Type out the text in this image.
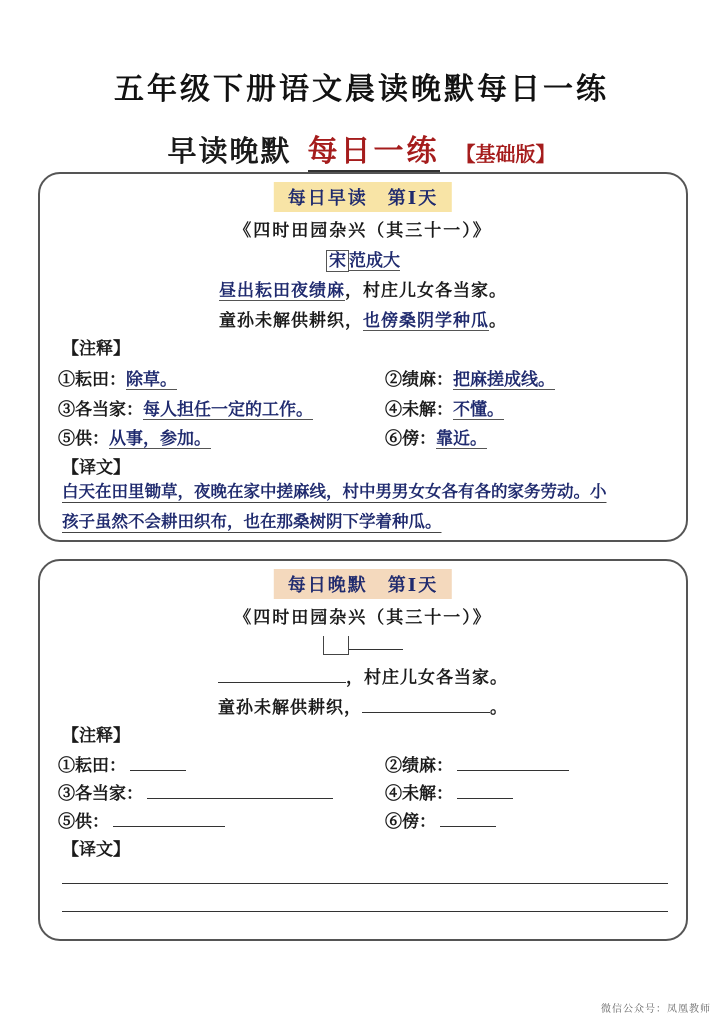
五年级下册语文晨读晚默每日一练
早读晚默 每日一练 【基础版】
每日早读　第Ⅰ天
《四时田园杂兴（其三十一）》
宋 范成大
昼出耘田夜绩麻，村庄儿女各当家。
童孙未解供耕织，也傍桑阴学种瓜。
【注释】
①耘田：除草。	②绩麻：把麻搓成线。
③各当家：每人担任一定的工作。	④未解：不懂。
⑤供：从事，参加。	⑥傍：靠近。
【译文】
白天在田里锄草，夜晚在家中搓麻线，村中男男女女各有各的家务劳动。小
孩子虽然不会耕田织布，也在那桑树阴下学着种瓜。
每日晚默　第Ⅰ天
《四时田园杂兴（其三十一）》
，村庄儿女各当家。
童孙未解供耕织，	。
【注释】
①耘田：	②绩麻：
③各当家：	④未解：
⑤供：	⑥傍：
【译文】
微信公众号：凤凰教师
